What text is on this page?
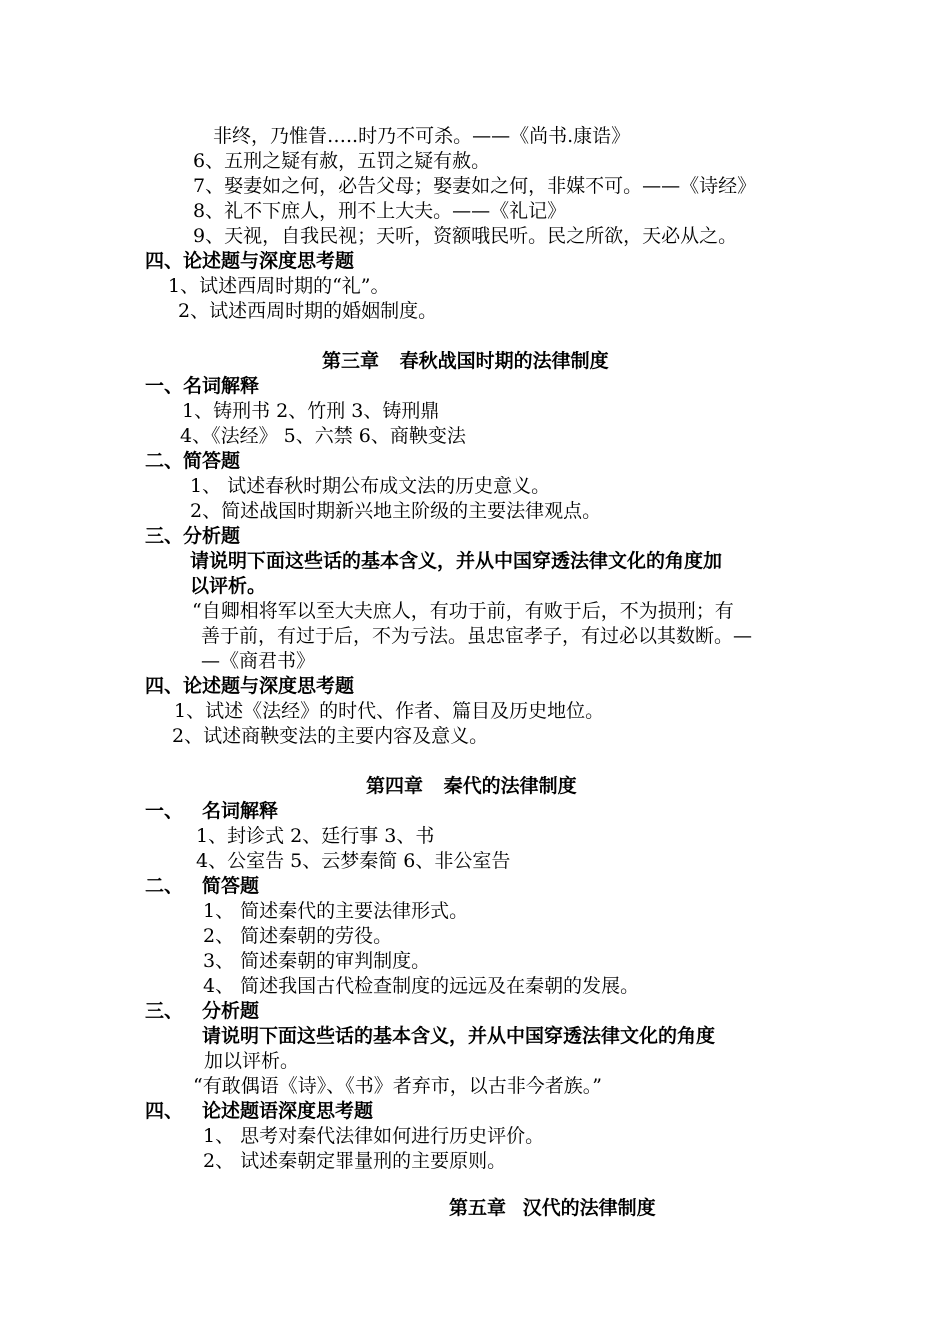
非终，乃惟眚…..时乃不可杀。——《尚书.康诰》
6、五刑之疑有赦，五罚之疑有赦。
7、娶妻如之何，必告父母；娶妻如之何，非媒不可。——《诗经》
8、礼不下庶人，刑不上大夫。——《礼记》
9、天视，自我民视；天听，资额哦民听。民之所欲，天必从之。
四、论述题与深度思考题
1、试述西周时期的“礼”。
2、试述西周时期的婚姻制度。
第三章 春秋战国时期的法律制度
一、名词解释
1、铸刑书 2、竹刑 3、铸刑鼎
4、《法经》 5、六禁 6、商鞅变法
二、简答题
1、 试述春秋时期公布成文法的历史意义。
2、简述战国时期新兴地主阶级的主要法律观点。
三、分析题
请说明下面这些话的基本含义，并从中国穿透法律文化的角度加
以评析。
“自卿相将军以至大夫庶人，有功于前，有败于后，不为损刑；有
善于前，有过于后，不为亏法。虽忠宦孝子，有过必以其数断。—
—《商君书》
四、论述题与深度思考题
1、试述《法经》的时代、作者、篇目及历史地位。
2、试述商鞅变法的主要内容及意义。
第四章 秦代的法律制度
一、 名词解释
1、封诊式 2、廷行事 3、书
4、公室告 5、云梦秦简 6、非公室告
二、 简答题
1、 简述秦代的主要法律形式。
2、 简述秦朝的劳役。
3、 简述秦朝的审判制度。
4、 简述我国古代检查制度的远远及在秦朝的发展。
三、 分析题
请说明下面这些话的基本含义，并从中国穿透法律文化的角度
加以评析。
“有敢偶语《诗》、《书》者弃市，以古非今者族。”
四、 论述题语深度思考题
1、 思考对秦代法律如何进行历史评价。
2、 试述秦朝定罪量刑的主要原则。
第五章 汉代的法律制度
